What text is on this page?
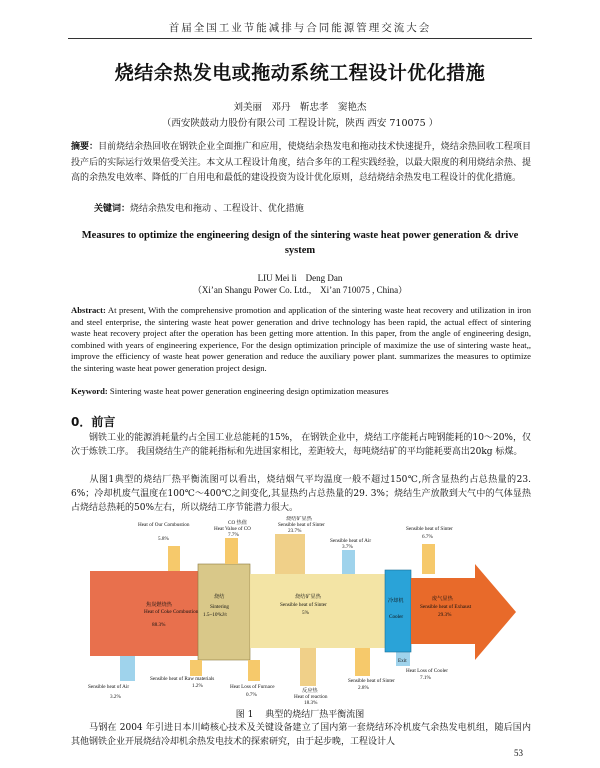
首届全国工业节能减排与合同能源管理交流大会
烧结余热发电或拖动系统工程设计优化措施
刘美丽　邓丹　靳忠孝　窦艳杰
（西安陕鼓动力股份有限公司 工程设计院，陕西 西安 710075 ）
摘要：目前烧结余热回收在钢铁企业全面推广和应用，使烧结余热发电和拖动技术快速提升，烧结余热回收工程项目投产后的实际运行效果倍受关注。本文从工程设计角度，结合多年的工程实践经验，以最大限度的利用烧结余热、提高的余热发电效率、降低的厂自用电和最低的建设投资为设计优化原则，总结烧结余热发电工程设计的优化措施。
关键词：烧结余热发电和拖动 、工程设计、优化措施
Measures to optimize the engineering design of the sintering waste heat power generation & drive system
LIU Mei li　Deng Dan
（Xi’an Shangu Power Co. Ltd.,　Xi’an 710075 , China）
Abstract: At present, With the comprehensive promotion and application of the sintering waste heat recovery and utilization in iron and steel enterprise, the sintering waste heat power generation and drive technology has been rapid, the actual effect of sintering waste heat recovery project after the operation has been getting more attention. In this paper, from the angle of engineering design, combined with years of engineering experience, For the design optimization principle of maximize the use of sintering waste heat,, improve the efficiency of waste heat power generation and reduce the auxiliary power plant. summarizes the measures to optimize the sintering waste heat power generation project design.
Keyword: Sintering waste heat power generation engineering design optimization measures
0．前言
钢铁工业的能源消耗量约占全国工业总能耗的15%， 在钢铁企业中，烧结工序能耗占吨钢能耗的10～20%，仅次于炼铁工序。 我国烧结生产的能耗指标和先进国家相比，差距较大，每吨烧结矿的平均能耗要高出20kg 标煤。
从图1典型的烧结厂热平衡流图可以看出，烧结烟气平均温度一般不超过150℃,所含显热约占总热量的23. 6%；冷却机废气温度在100℃～400℃之间变化,其显热约占总热量的29. 3%；烧结生产放散到大气中的气体显热占烧结总热耗的50%左右，所以烧结工序节能潜力很大。
Heat of Our Combustion
5.8%
CO 热值
Heat Value of CO
7.7%
烧结矿显热
Sensible heat of Sinter
23.7%
Sensible heat of Air
3.7%
Sensible heat of Sinter
6.7%
焦炭燃烧热
Heat of Coke Combustion
88.3%
烧结
Sintering
1.5~10⁶kJ/t
烧结矿显热
Sensible heat of Sinter
5%
冷却机
Cooler
废气显热
Sensible heat of Exhaust
29.3%
Exit
Heat Loss of Cooler
7.1%
Sensible heat of Sinter
2.8%
Sensible heat of Raw materials
1.2%
Sensible heat of Air
3.2%
Heat Loss of Furnace
0.7%
反应热
Heat of reaction
18.3%
图 1　 典型的烧结厂热平衡流图
马钢在 2004 年引进日本川崎核心技术及关键设备建立了国内第一套烧结环冷机废气余热发电机组，随后国内其他钢铁企业开展烧结冷却机余热发电技术的探索研究，由于起步晚，工程设计人
53
